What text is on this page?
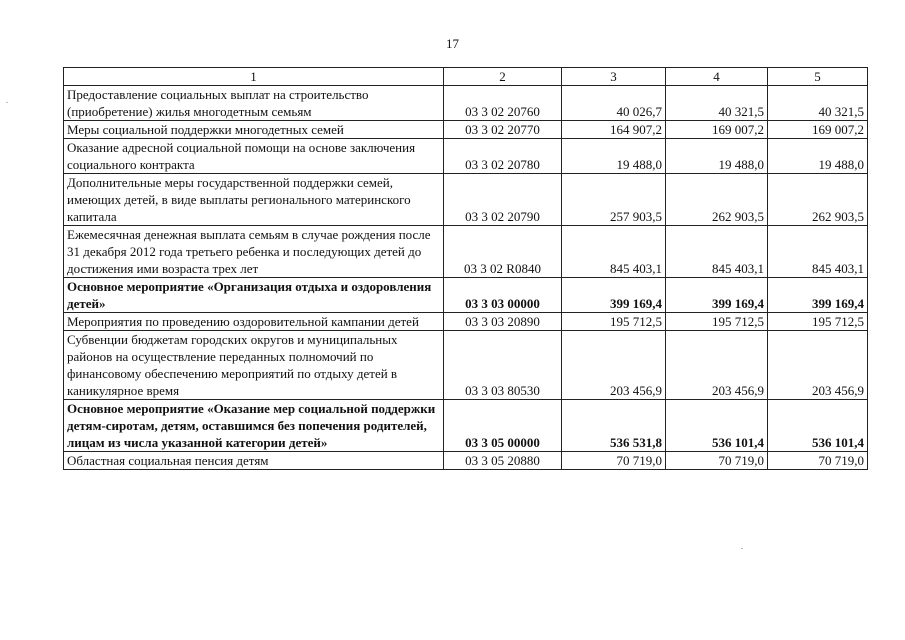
17
1	2	3	4	5
Предоставление социальных выплат на строительство (приобретение) жилья многодетным семьям	03 3 02 20760	40 026,7	40 321,5	40 321,5
Меры социальной поддержки многодетных семей	03 3 02 20770	164 907,2	169 007,2	169 007,2
Оказание адресной социальной помощи на основе заключения социального контракта	03 3 02 20780	19 488,0	19 488,0	19 488,0
Дополнительные меры государственной поддержки семей, имеющих детей, в виде выплаты регионального материнского капитала	03 3 02 20790	257 903,5	262 903,5	262 903,5
Ежемесячная денежная выплата семьям в случае рождения после 31 декабря 2012 года третьего ребенка и последующих детей до достижения ими возраста трех лет	03 3 02 R0840	845 403,1	845 403,1	845 403,1
Основное мероприятие «Организация отдыха и оздоровления детей»	03 3 03 00000	399 169,4	399 169,4	399 169,4
Мероприятия по проведению оздоровительной кампании детей	03 3 03 20890	195 712,5	195 712,5	195 712,5
Субвенции бюджетам городских округов и муниципальных районов на осуществление переданных полномочий по финансовому обеспечению мероприятий по отдыху детей в каникулярное время	03 3 03 80530	203 456,9	203 456,9	203 456,9
Основное мероприятие «Оказание мер социальной поддержки детям-сиротам, детям, оставшимся без попечения родителей, лицам из числа указанной категории детей»	03 3 05 00000	536 531,8	536 101,4	536 101,4
Областная социальная пенсия детям	03 3 05 20880	70 719,0	70 719,0	70 719,0
